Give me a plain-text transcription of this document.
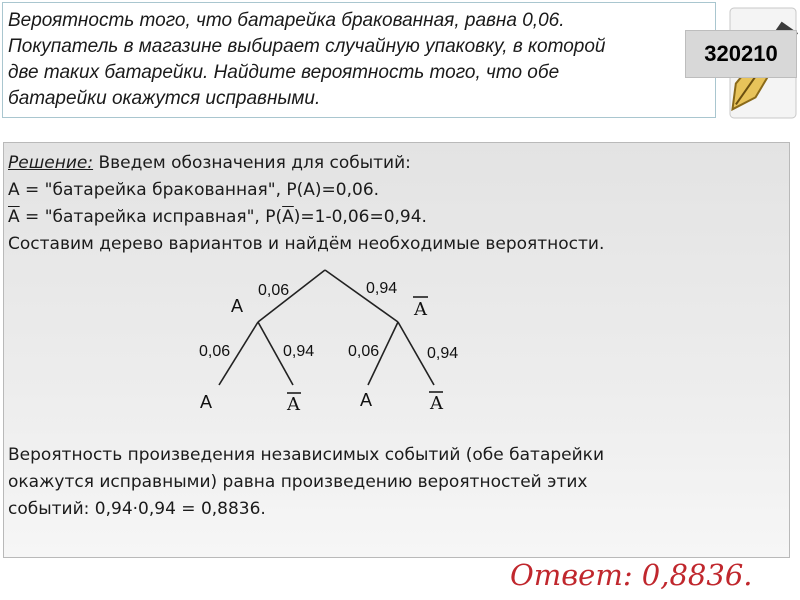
Вероятность того, что батарейка бракованная, равна 0,06.
Покупатель в магазине выбирает случайную упаковку, в которой
две таких батарейки. Найдите вероятность того, что обе
батарейки окажутся исправными.
320210
Решение: Введем обозначения для событий:
A = "батарейка бракованная", P(A)=0,06.
$\overline{A}$ = "батарейка исправная", $P(\overline{A})=1-0,06=0,94$.
Составим дерево вариантов и найдём необходимые вероятности.
0,06	0,94
0,06	0,94 0,06	0,94
A	A
A	A	A	A
Вероятность произведения независимых событий (обе батарейки
окажутся исправными) равна произведению вероятностей этих
событий: 0,94·0,94 = 0,8836.
Ответ: 0,8836.
